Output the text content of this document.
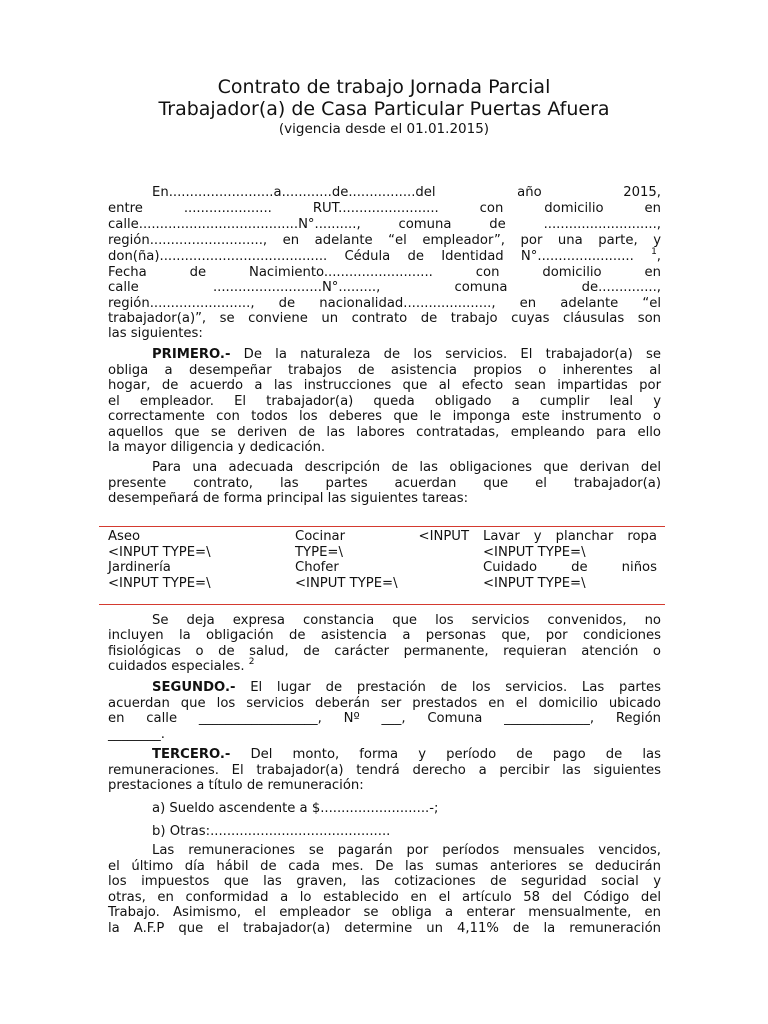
Contrato de trabajo Jornada Parcial
Trabajador(a) de Casa Particular Puertas Afuera
(vigencia desde el 01.01.2015)
En.........................a............de................del año 2015,
entre ..................... RUT........................ con domicilio en
calle......................................N°.........., comuna de ...........................,
región..........................., en adelante “el empleador”, por una parte, y
don(ña)........................................ Cédula de Identidad N°....................... $^1$,
Fecha de Nacimiento.......................... con domicilio en
calle ..........................N°........., comuna de..............,
región........................, de nacionalidad....................., en adelante “el
trabajador(a)”, se conviene un contrato de trabajo cuyas cláusulas son
las siguientes:
PRIMERO.- De la naturaleza de los servicios. El trabajador(a) se
obliga a desempeñar trabajos de asistencia propios o inherentes al
hogar, de acuerdo a las instrucciones que al efecto sean impartidas por
el empleador. El trabajador(a) queda obligado a cumplir leal y
correctamente con todos los deberes que le imponga este instrumento o
aquellos que se deriven de las labores contratadas, empleando para ello
la mayor diligencia y dedicación.
Para una adecuada descripción de las obligaciones que derivan del
presente contrato, las partes acuerdan que el trabajador(a)
desempeñará de forma principal las siguientes tareas:
Aseo
<INPUT TYPE=\
Jardinería
<INPUT TYPE=\
Cocinar	<INPUT
TYPE=\
Chofer
<INPUT TYPE=\
Lavar y planchar ropa
<INPUT TYPE=\
Cuidado de niños
<INPUT TYPE=\
Se deja expresa constancia que los servicios convenidos, no
incluyen la obligación de asistencia a personas que, por condiciones
fisiológicas o de salud, de carácter permanente, requieran atención o
cuidados especiales. $^2$
SEGUNDO.- El lugar de prestación de los servicios. Las partes
acuerdan que los servicios deberán ser prestados en el domicilio ubicado
en calle __________________, Nº ___, Comuna _____________, Región
________.
TERCERO.- Del monto, forma y período de pago de las
remuneraciones. El trabajador(a) tendrá derecho a percibir las siguientes
prestaciones a título de remuneración:
a) Sueldo ascendente a $..........................-;
b) Otras:...........................................
Las remuneraciones se pagarán por períodos mensuales vencidos,
el último día hábil de cada mes. De las sumas anteriores se deducirán
los impuestos que las graven, las cotizaciones de seguridad social y
otras, en conformidad a lo establecido en el artículo 58 del Código del
Trabajo. Asimismo, el empleador se obliga a enterar mensualmente, en
la A.F.P que el trabajador(a) determine un 4,11% de la remuneración
